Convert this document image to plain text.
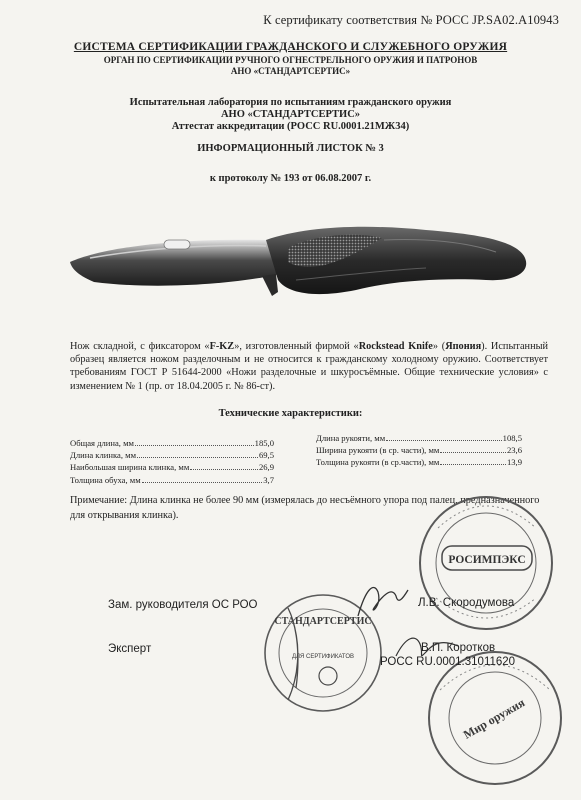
К сертификату соответствия № РОСС JP.SA02.A10943
СИСТЕМА СЕРТИФИКАЦИИ ГРАЖДАНСКОГО И СЛУЖЕБНОГО ОРУЖИЯ
ОРГАН ПО СЕРТИФИКАЦИИ РУЧНОГО ОГНЕСТРЕЛЬНОГО ОРУЖИЯ И ПАТРОНОВ
АНО «СТАНДАРТСЕРТИС»
Испытательная лаборатория по испытаниям гражданского оружия
АНО «СТАНДАРТСЕРТИС»
Аттестат аккредитации (РОСС RU.0001.21МЖ34)
ИНФОРМАЦИОННЫЙ ЛИСТОК № 3
к протоколу № 193 от 06.08.2007 г.
Нож складной, с фиксатором «F-KZ», изготовленный фирмой «Rockstead Knife» (Япония). Испытанный образец является ножом разделочным и не относится к гражданскому холодному оружию. Соответствует требованиям ГОСТ Р 51644-2000 «Ножи разделочные и шкуросъёмные. Общие технические условия» с изменением № 1 (пр. от 18.04.2005 г. № 86-ст).
Технические характеристики:
Общая длина, мм	185,0
Длина клинка, мм	69,5
Наибольшая ширина клинка, мм	26,9
Толщина обуха, мм	3,7
Длина рукояти, мм	108,5
Ширина рукояти (в ср. части), мм	23,6
Толщина рукояти (в ср.части), мм	13,9
Примечание: Длина клинка не более 90 мм (измерялась до несъёмного упора под палец, предназначенного для открывания клинка).
РОСИМПЭКС
СТАНДАРТСЕРТИС
ДЛЯ СЕРТИФИКАТОВ
Мир оружия
Зам. руководителя ОС РОО	Л.В. Скородумова
Эксперт	В.П. Коротков
РОСС RU.0001.31011620
